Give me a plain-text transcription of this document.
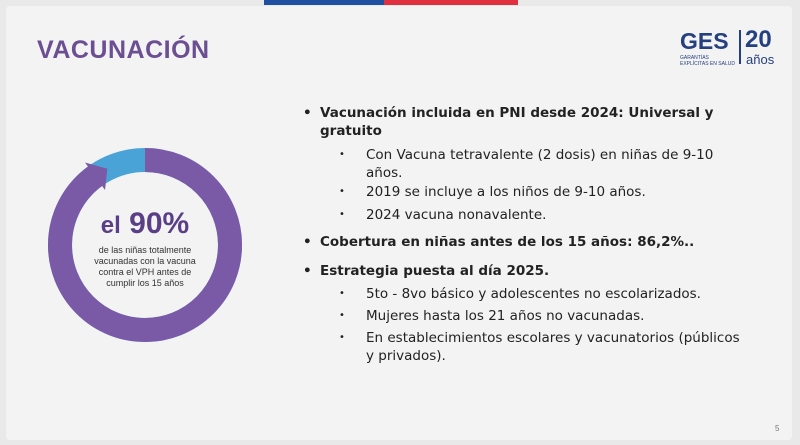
VACUNACIÓN	GES
GARANTÍAS EXPLÍCITAS EN SALUD
20
años
el 90%
de las niñas totalmente vacunadas con la vacuna contra el VPH antes de cumplir los 15 años
• Vacunación incluida en PNI desde 2024: Universal y gratuito
• Con Vacuna tetravalente (2 dosis) en niñas de 9-10 años.
• 2019 se incluye a los niños de 9-10 años.
• 2024 vacuna nonavalente.
• Cobertura en niñas antes de los 15 años: 86,2%..
• Estrategia puesta al día 2025.
• 5to - 8vo básico y adolescentes no escolarizados.
• Mujeres hasta los 21 años no vacunadas.
• En establecimientos escolares y vacunatorios (públicos y privados).
5
